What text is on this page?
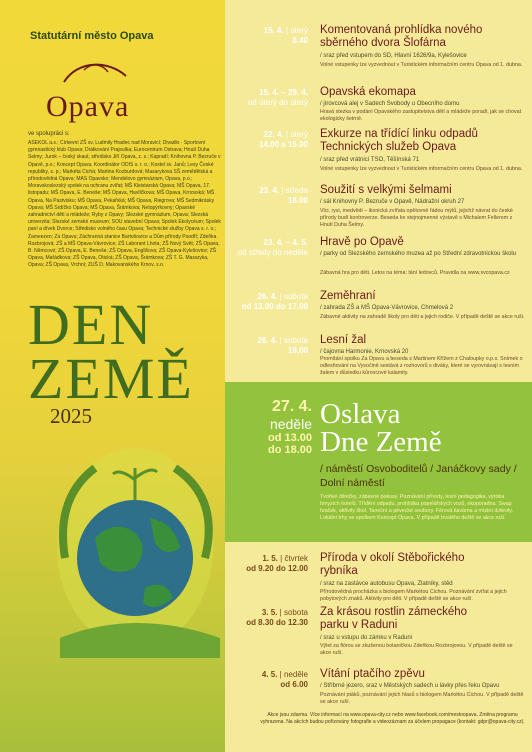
Statutární město Opava
Opava
ve spolupráci s:
ASEKOL a.s.; Církevní ZŠ sv. Ludmily Hradec nad Moravicí; Divadlo · Sportovní gymnastický klub Opava; Drátkování Prajsulka; Eurocentrum Ostrava; Hnutí Duha Selmy; Jurok – český skaut, středisko Jiří Opava, z. s.; Kapradí; Knihovna P. Bezruče v Opavě, p.o.; Koncept Opava, Koordinátor ODIS s. r. o.; Kostel sv. Janů; Lesy České republiky, s. p.; Markéta Cichá; Martina Kozburdová; Masarykova SŠ zemědělská a přírodovědná Opava; MAS Opavsko; Mendelovo gymnázium, Opava, p.o.; Moravskoslezský spolek na ochranu zvířat; MŠ Kleistarská Opava; MŠ Opava, 17. listopadu; MŠ Opava, E. Beneše; MŠ Opava, Havlíčkova; MŠ Opava, Krnovská; MŠ Opava, Na Pastvisku; MŠ Opava, Pekařská; MŠ Opava, Riegrova; MŠ Sedmikrásky Opava; MŠ Srdíčko Opava; MŠ Opava, Šrámkova; Netopýrkovny; Opavské zahradnictví dětí a mládeže; Ryby z Opavy; Slezské gymnázium, Opava; Slezská univerzita; Slezské zemské muzeum; SOU stavební Opava; Spolek Ekolycéum; Spolek paní a dívek Dvorce; Středisko volného času Opava; Technické služby Opava s. r. o.; Zameezen; Za Opavu; Záchranná stanice Bartošovice a Dům přírody Poodří; Zdeňka Rozbrojová; ZŠ a MŠ Opava-Vávrovice; ZŠ Laborant Lhota; ZŠ Nový Svět; ZŠ Opava, B. Němcové; ZŠ Opava, E. Beneše; ZŠ Opava, Englišova; ZŠ Opava-Kylešovice; ZŠ Opava, Mařádkova; ZŠ Opava, Otická; ZŠ Opava, Šrámkova; ZŠ T. G. Masaryka, Opava; ZŠ Opava, Vrchní; ZUŠ D. Makovanského Krnov, s.o.
DEN
ZEMĚ
2025
15. 4. | úterý
8.40
Komentovaná prohlídka nového sběrného dvora Šlofárna
/ sraz před vstupem do SD, Hlavní 1626/9a, Kylešovice
Volné vstupenky lze vyzvednout v Turistickém informačním centru Opava od 1. dubna.
15. 4. – 29. 4.
od úterý do úterý
Opavská ekomapa
/ jírovcová alej v Sadech Svobody u Obecního domu
Hravá stezka v podání Opavského zastupitelstva dětí a mládeže poradí, jak se chovat ekologicky šetrně.
22. 4. | úterý
14.00 a 15.00
Exkurze na třídící linku odpadů Technických služeb Opava
/ sraz před vrátnicí TSO, Těšínská 71
Volné vstupenky lze vyzvednout v Turistickém informačním centru Opava od 1. dubna.
23. 4. | středa
18.00
Soužití s velkými šelmami
/ sál Knihovny P. Bezruče v Opavě, Nádražní okruh 27
Vlci, rysi, medvědi – ikonická zvířata opětovně řádou mýtů, jejichž návrat do české přírody budí kontroverze. Beseda ke stejnojmenné výstavě s Michalem Fellerem z Hnutí Duha Šelmy.
23. 4. – 4. 5.
od středy do neděle
Hravě po Opavě
/ parky od Slezského zemského muzea až po Střední zdravotnickou školu
Zábavná hra pro děti. Letos na téma: tání ledovců. Pravidla na www.svcopava.cz
26. 4. | sobota
od 13.00 do 17.00
Zeměhraní
/ zahrada ZŠ a MŠ Opava-Vávrovice, Chmelová 2
Zábavné aktivity na zahradě školy pro děti a jejich rodiče. V případě deště se akce ruší.
26. 4. | sobota
19.00
Lesní žal
/ čajovna Harmonie, Krnovská 20
Promítání spolku Za Opavu a beseda s Martinem Křížem z Chaloupky o.p.s. Snímek o odlesňování na Vysočině sestává z rozhovorů s diváky, které se vyrovnávají s lesním žalem v důsledku kůrovcové kalamity.
27. 4.
neděle
od 13.00
do 18.00
Oslava
Dne Země
/ náměstí Osvoboditelů / Janáčkovy sady / Dolní náměstí
Tvořivé dílničky, zábavné pokusy. Poznávání přírody, lesní pedagogika, výroba hmyzích hotelů. Třídění odpadu, prohlídka popelářských vozů, ekoporadna. Swap hraček, aktivity škol. Taneční a pěvecké soubory. Férová kavárna a místní dobroty. Lokální trhy se spolkem Koncept Opava. V případě trvalého deště se akce ruší.
1. 5. | čtvrtek
od 9.20 do 12.00
Příroda v okolí Stěbořického rybníka
/ sraz na zastávce autobusu Opava, Zlatníky, stěd
Přírodovědná procházka s biologem Markétou Cichou. Poznávání zvířat a jejich pobytových znaků. Aktivity pro děti. V případě deště se akce ruší.
3. 5. | sobota
od 8.30 do 12.30
Za krásou rostlin zámeckého parku v Raduni
/ sraz u vstupu do zámku v Raduni
Výlet za flórou se zkušenou botaničkou Zdeňkou Rozbrojovou. V případě deště se akce ruší.
4. 5. | neděle
od 6.00
Vítání ptačího zpěvu
/ Stříbrné jezero, sraz v Městských sadech u lávky přes řeku Opavu
Poznávání ptáků, poznávání jejich hlasů s biologem Markétou Cichou. V případě deště se akce ruší.
Akce jsou zdarma. Více informací na www.opava-city.cz nebo www.facebook.com/mestoopava. Změna programu vyhrazena. Na akcích budou pořizovány fotografie a videozáznam za účelem propagace (kontakt: gdpr@opava-city.cz).
